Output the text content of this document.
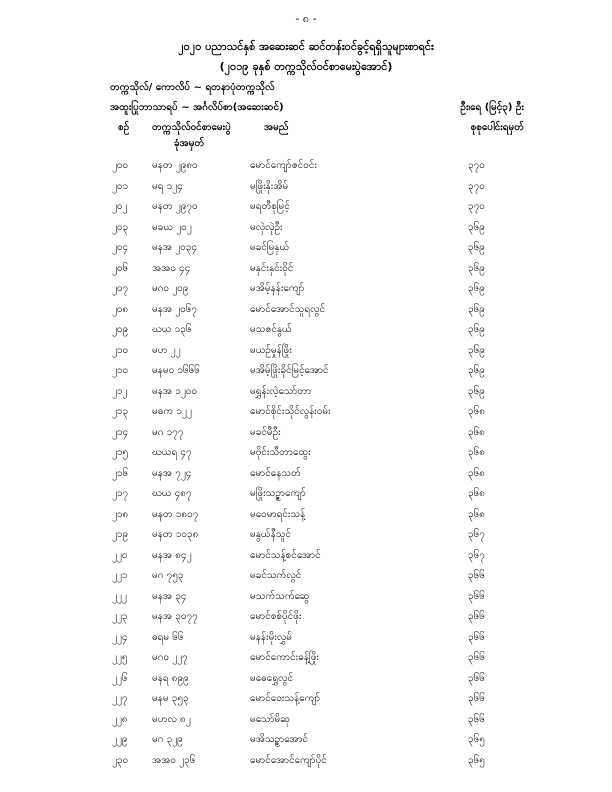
- ၈ -
၂၀၂၀ ပညာသင်နှစ် အဆေးဆင် ဆင်တန်းဝင်ခွင့်ရရှိသူများစာရင်း
(၂၀၁၉ ခုနှစ် တက္ကသိုလ်ဝင်စာမေးပွဲအောင်)
တက္ကသိုလ်/ ကောလိပ် ~ ရတနာပုံတက္ကသိုလ်
အထူးပြုဘာသာရပ် ~ အင်္ဂလိပ်စာ(အဆေးဆင်)	ဦး၊ရေ (မြင့်၃) ဦး
စဉ် တက္ကသိုလ်ဝင်စာမေးပွဲ
ခုံအမှတ်
အမည်	စုစုပေါင်းရမှတ်
၂၀၀ မနတ ၂၉၈၀	မောင်ကျော်ဇင်ဝင်း	၃၇၀
၂၀၁ မရ ၁၂၄	မဖြိုးနိုးအိမ်	၃၇၀
၂၀၂ မနတ ၂၉၇၀	မရတီစုမြင့်	၃၇၀
၂၀၃ မခယ ၂၀၂	မလှဲလှဲဦး	၃၆၉
၂၀၄ မနအ ၂၀၃၄	မခင်မြနှယ်	၃၆၉
၂၀၆ အအ၀ ၄၄	မနှင်းနှင်းဝိုင်	၃၆၉
၂၀၇ မဂ၀ ၂၀၉	မအိမ့်နန်းကျော်	၃၆၉
၂၀၈ မနအ ၂၀၆၇	မောင်အောင်သူရလွင်	၃၆၉
၂၀၉ ဃယ ၁၃၆	မသဇင်နွယ်	၃၆၉
၂၁၀ မဟ ၂၂	မယဉ်မှုန်ဖြိုး	၃၆၉
၂၁၀ မနမ၀ ၁၆၆၆	မအိမ့်ဖြိုးခိုင်မြင့်အောင်	၃၆၉
၂၁၂ မနအ ၁၂၀၀	မရွှန်းလဲ့သော်တာ	၃၆၉
၂၁၃ မဓက ၁၂၂	မောင်စိုင်းသိုင်လွန်းဝမ်း	၃၆၈
၂၁၄ မဂ ၁၇၇	မခင်မီဦး	၃၆၈
၂၁၅ ဃယရ ၄၇	မဗိုင်းသီတာထွေး	၃၆၈
၂၁၆ မနအ ၇၂၄	မောင်နေသတ်	၃၆၈
၂၁၇ ဃယ ၄၈၇	မဖြိုးသဉ္ဇာကျော်	၃၆၈
၂၁၈ မနတ ၁၈၀၇	မဝေမာရင်းသန့်	၃၆၈
၂၁၉ မနတ ၁၀၃၈	မနွယ်နီသူင်	၃၆၇
၂၂၀ မနအ ၈၄၂	မောင်သန့်စင်အောင်	၃၆၇
၂၂၁ မဂ ၇၅၃	မခင်သက်လွင်	၃၆၆
၂၂၂	မနအ ၃၄	မသက်သက်ဆွေ	၃၆၆
၂၂၃ မနအ ၃၀၇၇	မောင်စစ်ပိုင်ဖိုး	၃၆၆
၂၂၄ ဓရမ ၆၆	မနန်းမိုးလွှမ်	၃၆၆
၂၂၅ မဂ၀ ၂၂၇	မောင်ကောင်းခန့်ဖြိုး	၃၆၆
၂၂၆ မနရ ၈၉၉	မဓေရွှေလွင်	၃၆၆
၂၂၇ မနမ ၃၅၃	မောင်ဝေးသန့်ကျော်	၃၆၆
၂၂၈ မဟလ ၈၂	မသော်မိဆု	၃၆၆
၂၂၉ မဂ ၃၂၉	မအိသဥ္စာအောင်	၃၆၅
၂၃၀ အအ၀ ၂၃၆	မောင်အောင်ကျော်ပိုင်	၃၆၅
